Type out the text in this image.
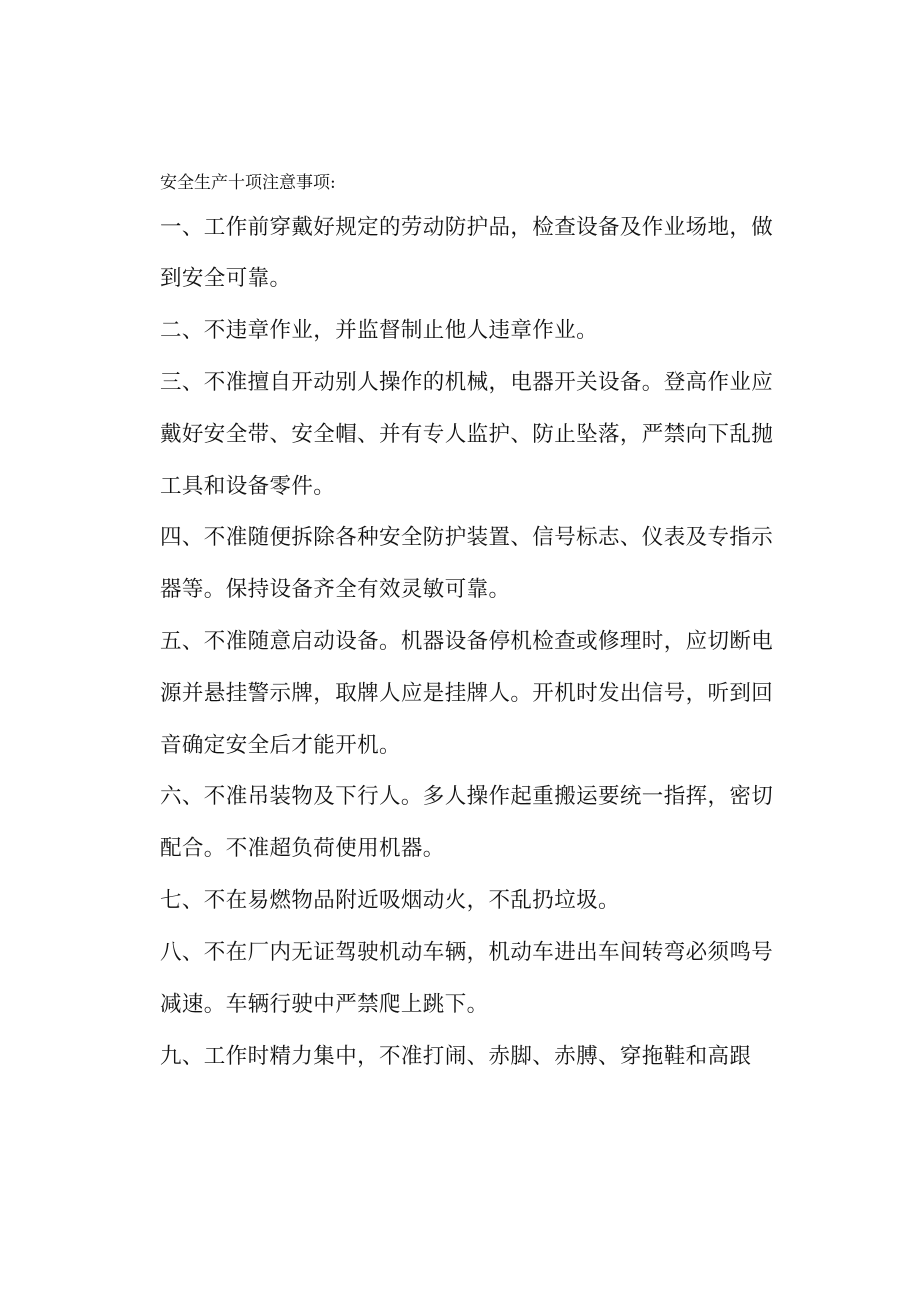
安全生产十项注意事项:
一、工作前穿戴好规定的劳动防护品，检查设备及作业场地，做
到安全可靠。
二、不违章作业，并监督制止他人违章作业。
三、不准擅自开动别人操作的机械，电器开关设备。登高作业应
戴好安全带、安全帽、并有专人监护、防止坠落，严禁向下乱抛
工具和设备零件。
四、不准随便拆除各种安全防护装置、信号标志、仪表及专指示
器等。保持设备齐全有效灵敏可靠。
五、不准随意启动设备。机器设备停机检查或修理时，应切断电
源并悬挂警示牌，取牌人应是挂牌人。开机时发出信号，听到回
音确定安全后才能开机。
六、不准吊装物及下行人。多人操作起重搬运要统一指挥，密切
配合。不准超负荷使用机器。
七、不在易燃物品附近吸烟动火，不乱扔垃圾。
八、不在厂内无证驾驶机动车辆，机动车进出车间转弯必须鸣号
减速。车辆行驶中严禁爬上跳下。
九、工作时精力集中，不准打闹、赤脚、赤膊、穿拖鞋和高跟
